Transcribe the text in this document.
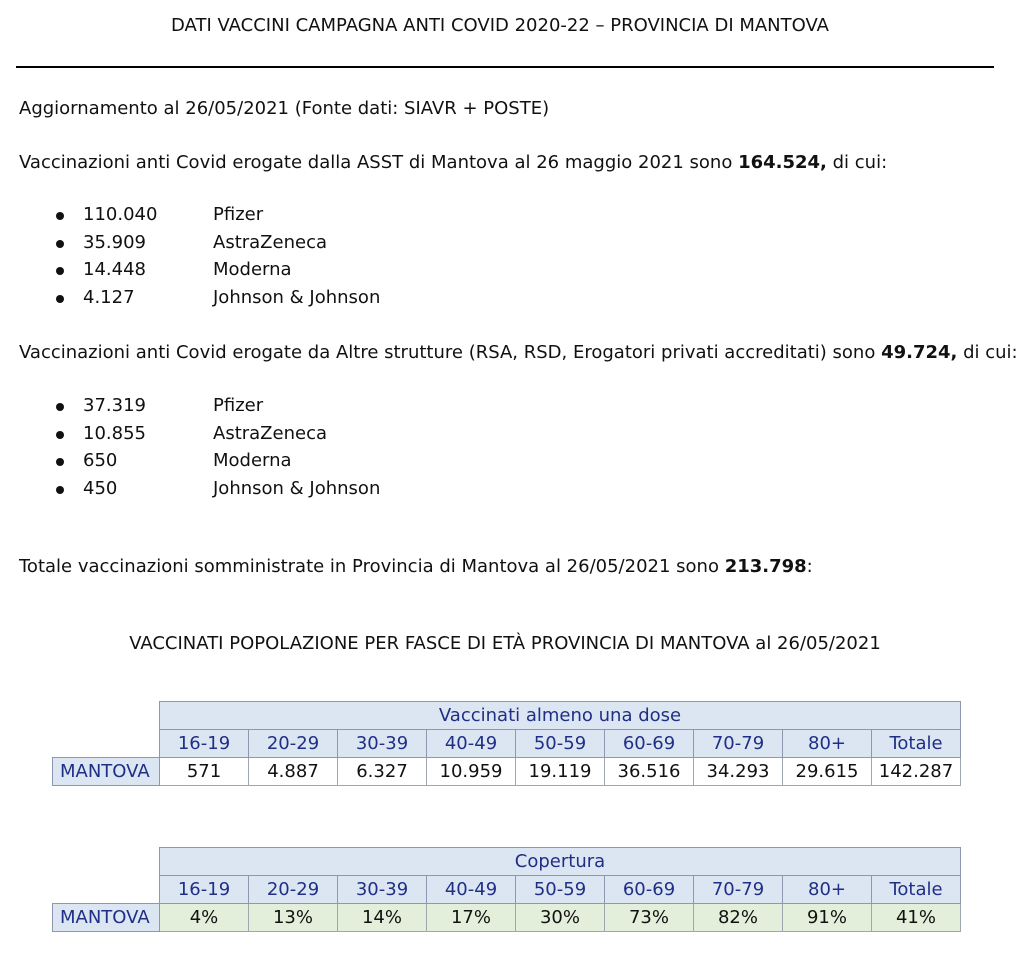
DATI VACCINI CAMPAGNA ANTI COVID 2020-22 – PROVINCIA DI MANTOVA
Aggiornamento al 26/05/2021 (Fonte dati: SIAVR + POSTE)
Vaccinazioni anti Covid erogate dalla ASST di Mantova al 26 maggio 2021 sono 164.524, di cui:
110.040	Pfizer
35.909	AstraZeneca
14.448	Moderna
4.127	Johnson & Johnson
Vaccinazioni anti Covid erogate da Altre strutture (RSA, RSD, Erogatori privati accreditati) sono 49.724, di cui:
37.319	Pfizer
10.855	AstraZeneca
650	Moderna
450	Johnson & Johnson
Totale vaccinazioni somministrate in Provincia di Mantova al 26/05/2021 sono 213.798:
VACCINATI POPOLAZIONE PER FASCE DI ETÀ PROVINCIA DI MANTOVA al 26/05/2021
	Vaccinati almeno una dose								
	16-19	20-29	30-39	40-49	50-59	60-69	70-79	80+	Totale
MANTOVA	571	4.887	6.327	10.959	19.119	36.516	34.293	29.615	142.287
	Copertura								
	16-19	20-29	30-39	40-49	50-59	60-69	70-79	80+	Totale
MANTOVA	4%	13%	14%	17%	30%	73%	82%	91%	41%
